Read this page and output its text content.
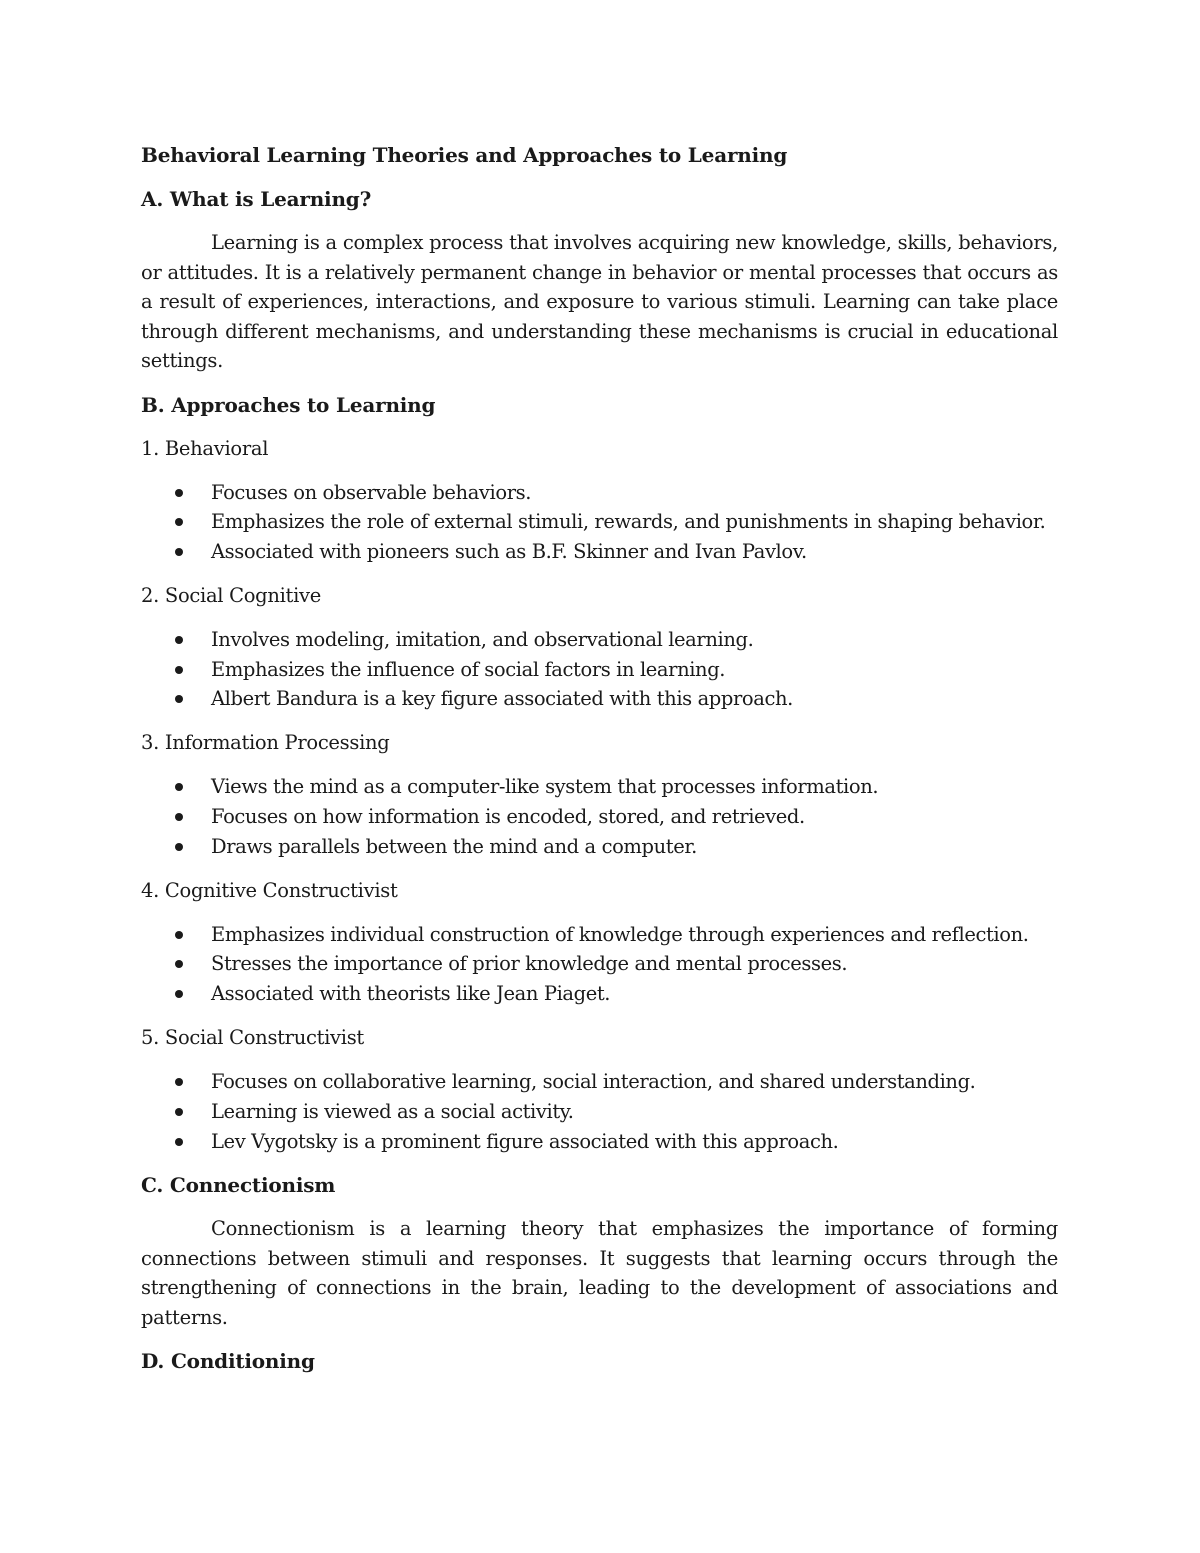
Behavioral Learning Theories and Approaches to Learning
A. What is Learning?

Learning is a complex process that involves acquiring new knowledge, skills, behaviors, or attitudes. It is a relatively permanent change in behavior or mental processes that occurs as a result of experiences, interactions, and exposure to various stimuli. Learning can take place through different mechanisms, and understanding these mechanisms is crucial in educational settings.

B. Approaches to Learning
1. Behavioral
Focuses on observable behaviors.
Emphasizes the role of external stimuli, rewards, and punishments in shaping behavior.
Associated with pioneers such as B.F. Skinner and Ivan Pavlov.
2. Social Cognitive
Involves modeling, imitation, and observational learning.
Emphasizes the influence of social factors in learning.
Albert Bandura is a key figure associated with this approach.
3. Information Processing
Views the mind as a computer-like system that processes information.
Focuses on how information is encoded, stored, and retrieved.
Draws parallels between the mind and a computer.
4. Cognitive Constructivist
Emphasizes individual construction of knowledge through experiences and reflection.
Stresses the importance of prior knowledge and mental processes.
Associated with theorists like Jean Piaget.
5. Social Constructivist
Focuses on collaborative learning, social interaction, and shared understanding.
Learning is viewed as a social activity.
Lev Vygotsky is a prominent figure associated with this approach.
C. Connectionism

Connectionism is a learning theory that emphasizes the importance of forming connections between stimuli and responses. It suggests that learning occurs through the strengthening of connections in the brain, leading to the development of associations and patterns.

D. Conditioning
